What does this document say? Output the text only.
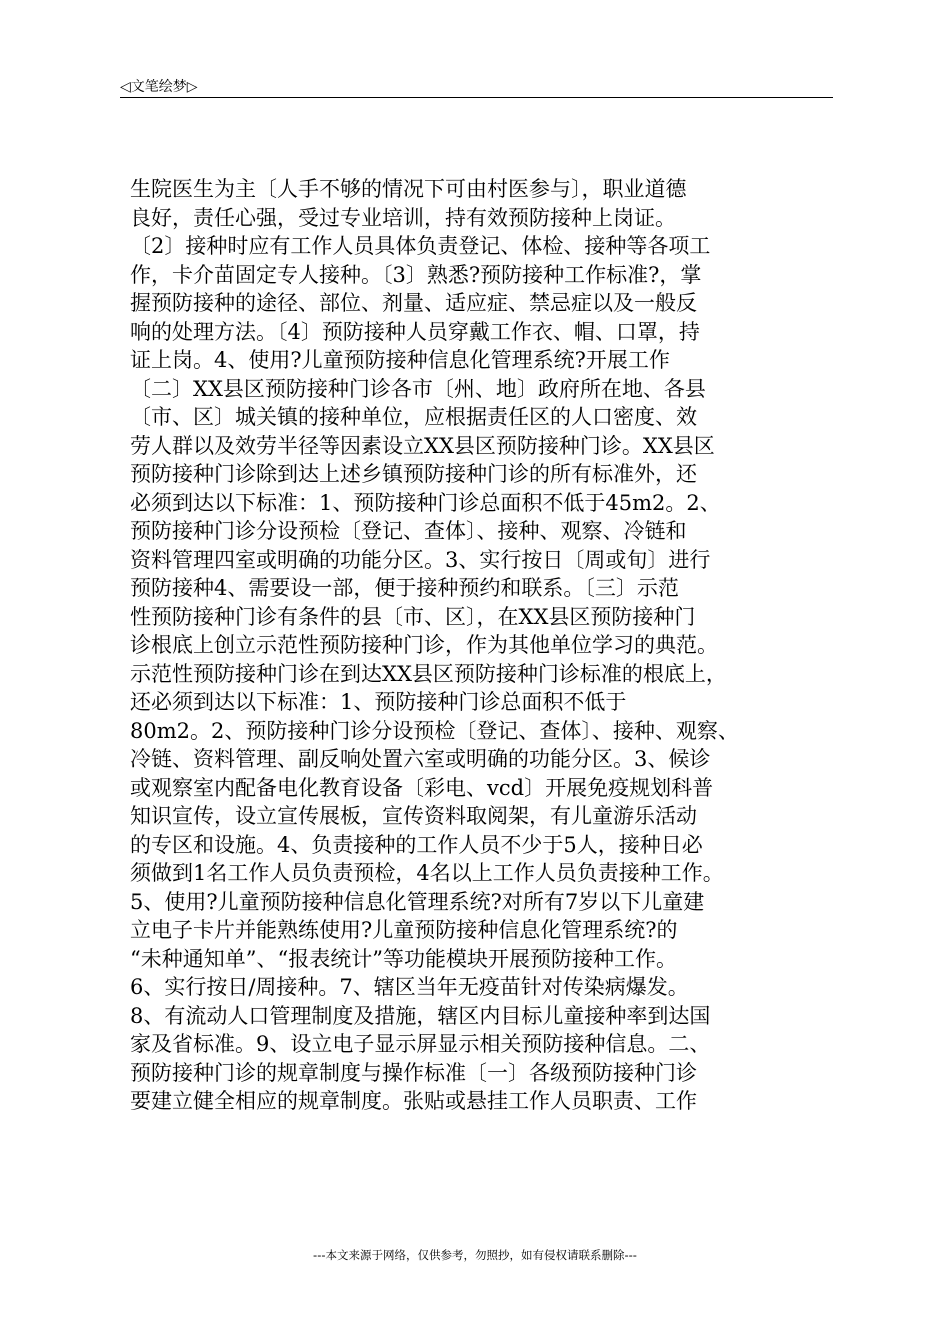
◁文笔绘梦▷
生院医生为主〔人手不够的情况下可由村医参与〕，职业道德
良好，责任心强，受过专业培训，持有效预防接种上岗证。
〔2〕接种时应有工作人员具体负责登记、体检、接种等各项工
作，卡介苗固定专人接种。〔3〕熟悉?预防接种工作标准?，掌
握预防接种的途径、部位、剂量、适应症、禁忌症以及一般反
响的处理方法。〔4〕预防接种人员穿戴工作衣、帽、口罩，持
证上岗。4、使用?儿童预防接种信息化管理系统?开展工作
〔二〕XX县区预防接种门诊各市〔州、地〕政府所在地、各县
〔市、区〕城关镇的接种单位，应根据责任区的人口密度、效
劳人群以及效劳半径等因素设立XX县区预防接种门诊。XX县区
预防接种门诊除到达上述乡镇预防接种门诊的所有标准外，还
必须到达以下标准：1、预防接种门诊总面积不低于45m2。2、
预防接种门诊分设预检〔登记、查体〕、接种、观察、冷链和
资料管理四室或明确的功能分区。3、实行按日〔周或旬〕进行
预防接种4、需要设一部，便于接种预约和联系。〔三〕示范
性预防接种门诊有条件的县〔市、区〕，在XX县区预防接种门
诊根底上创立示范性预防接种门诊，作为其他单位学习的典范。
示范性预防接种门诊在到达XX县区预防接种门诊标准的根底上，
还必须到达以下标准：1、预防接种门诊总面积不低于
80m2。2、预防接种门诊分设预检〔登记、查体〕、接种、观察、
冷链、资料管理、副反响处置六室或明确的功能分区。3、候诊
或观察室内配备电化教育设备〔彩电、vcd〕开展免疫规划科普
知识宣传，设立宣传展板，宣传资料取阅架，有儿童游乐活动
的专区和设施。4、负责接种的工作人员不少于5人，接种日必
须做到1名工作人员负责预检，4名以上工作人员负责接种工作。
5、使用?儿童预防接种信息化管理系统?对所有7岁以下儿童建
立电子卡片并能熟练使用?儿童预防接种信息化管理系统?的
“未种通知单”、“报表统计”等功能模块开展预防接种工作。
6、实行按日/周接种。7、辖区当年无疫苗针对传染病爆发。
8、有流动人口管理制度及措施，辖区内目标儿童接种率到达国
家及省标准。9、设立电子显示屏显示相关预防接种信息。二、
预防接种门诊的规章制度与操作标准〔一〕各级预防接种门诊
要建立健全相应的规章制度。张贴或悬挂工作人员职责、工作
---本文来源于网络，仅供参考，勿照抄，如有侵权请联系删除---
